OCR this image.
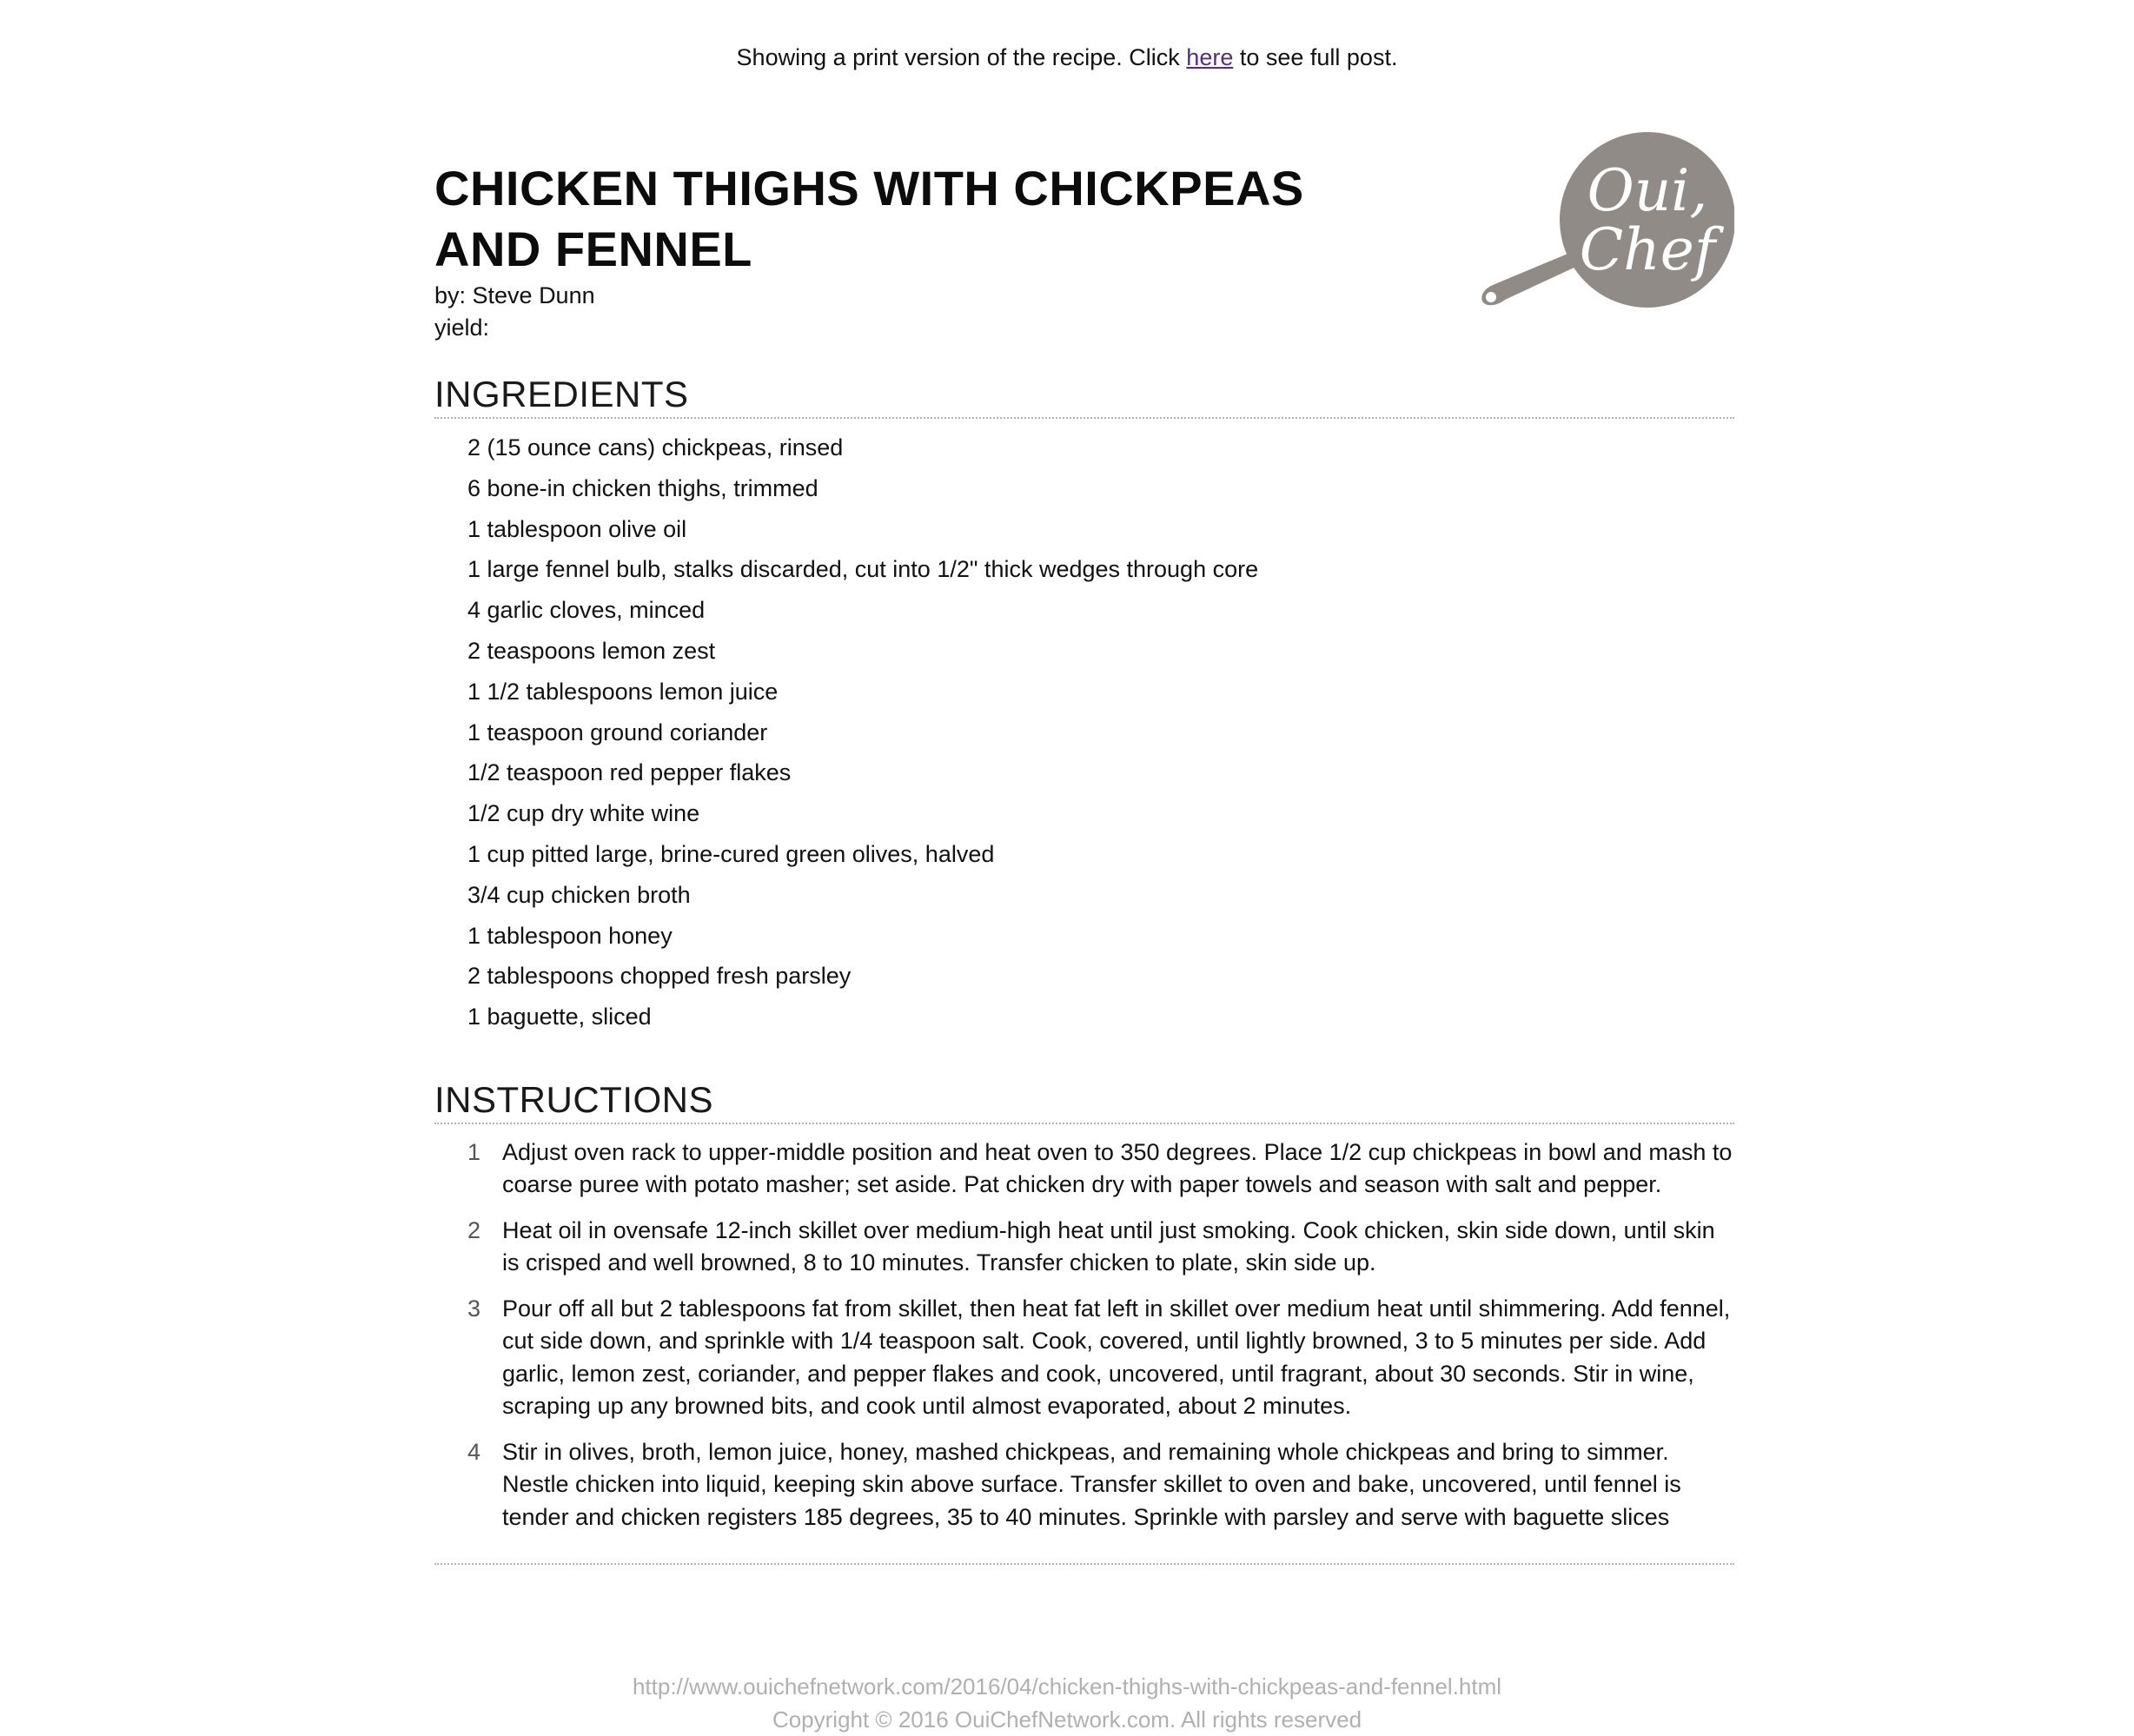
Showing a print version of the recipe. Click here to see full post.
Oui,
Chef
CHICKEN THIGHS WITH CHICKPEAS AND FENNEL
by: Steve Dunn
yield:
INGREDIENTS
2 (15 ounce cans) chickpeas, rinsed
6 bone-in chicken thighs, trimmed
1 tablespoon olive oil
1 large fennel bulb, stalks discarded, cut into 1/2" thick wedges through core
4 garlic cloves, minced
2 teaspoons lemon zest
1 1/2 tablespoons lemon juice
1 teaspoon ground coriander
1/2 teaspoon red pepper flakes
1/2 cup dry white wine
1 cup pitted large, brine-cured green olives, halved
3/4 cup chicken broth
1 tablespoon honey
2 tablespoons chopped fresh parsley
1 baguette, sliced
INSTRUCTIONS
1 Adjust oven rack to upper-middle position and heat oven to 350 degrees. Place 1/2 cup chickpeas in bowl and mash to coarse puree with potato masher; set aside. Pat chicken dry with paper towels and season with salt and pepper.
2 Heat oil in ovensafe 12-inch skillet over medium-high heat until just smoking. Cook chicken, skin side down, until skin is crisped and well browned, 8 to 10 minutes. Transfer chicken to plate, skin side up.
3 Pour off all but 2 tablespoons fat from skillet, then heat fat left in skillet over medium heat until shimmering. Add fennel, cut side down, and sprinkle with 1/4 teaspoon salt. Cook, covered, until lightly browned, 3 to 5 minutes per side. Add garlic, lemon zest, coriander, and pepper flakes and cook, uncovered, until fragrant, about 30 seconds. Stir in wine, scraping up any browned bits, and cook until almost evaporated, about 2 minutes.
4 Stir in olives, broth, lemon juice, honey, mashed chickpeas, and remaining whole chickpeas and bring to simmer. Nestle chicken into liquid, keeping skin above surface. Transfer skillet to oven and bake, uncovered, until fennel is tender and chicken registers 185 degrees, 35 to 40 minutes. Sprinkle with parsley and serve with baguette slices
http://www.ouichefnetwork.com/2016/04/chicken-thighs-with-chickpeas-and-fennel.html
Copyright © 2016 OuiChefNetwork.com. All rights reserved
